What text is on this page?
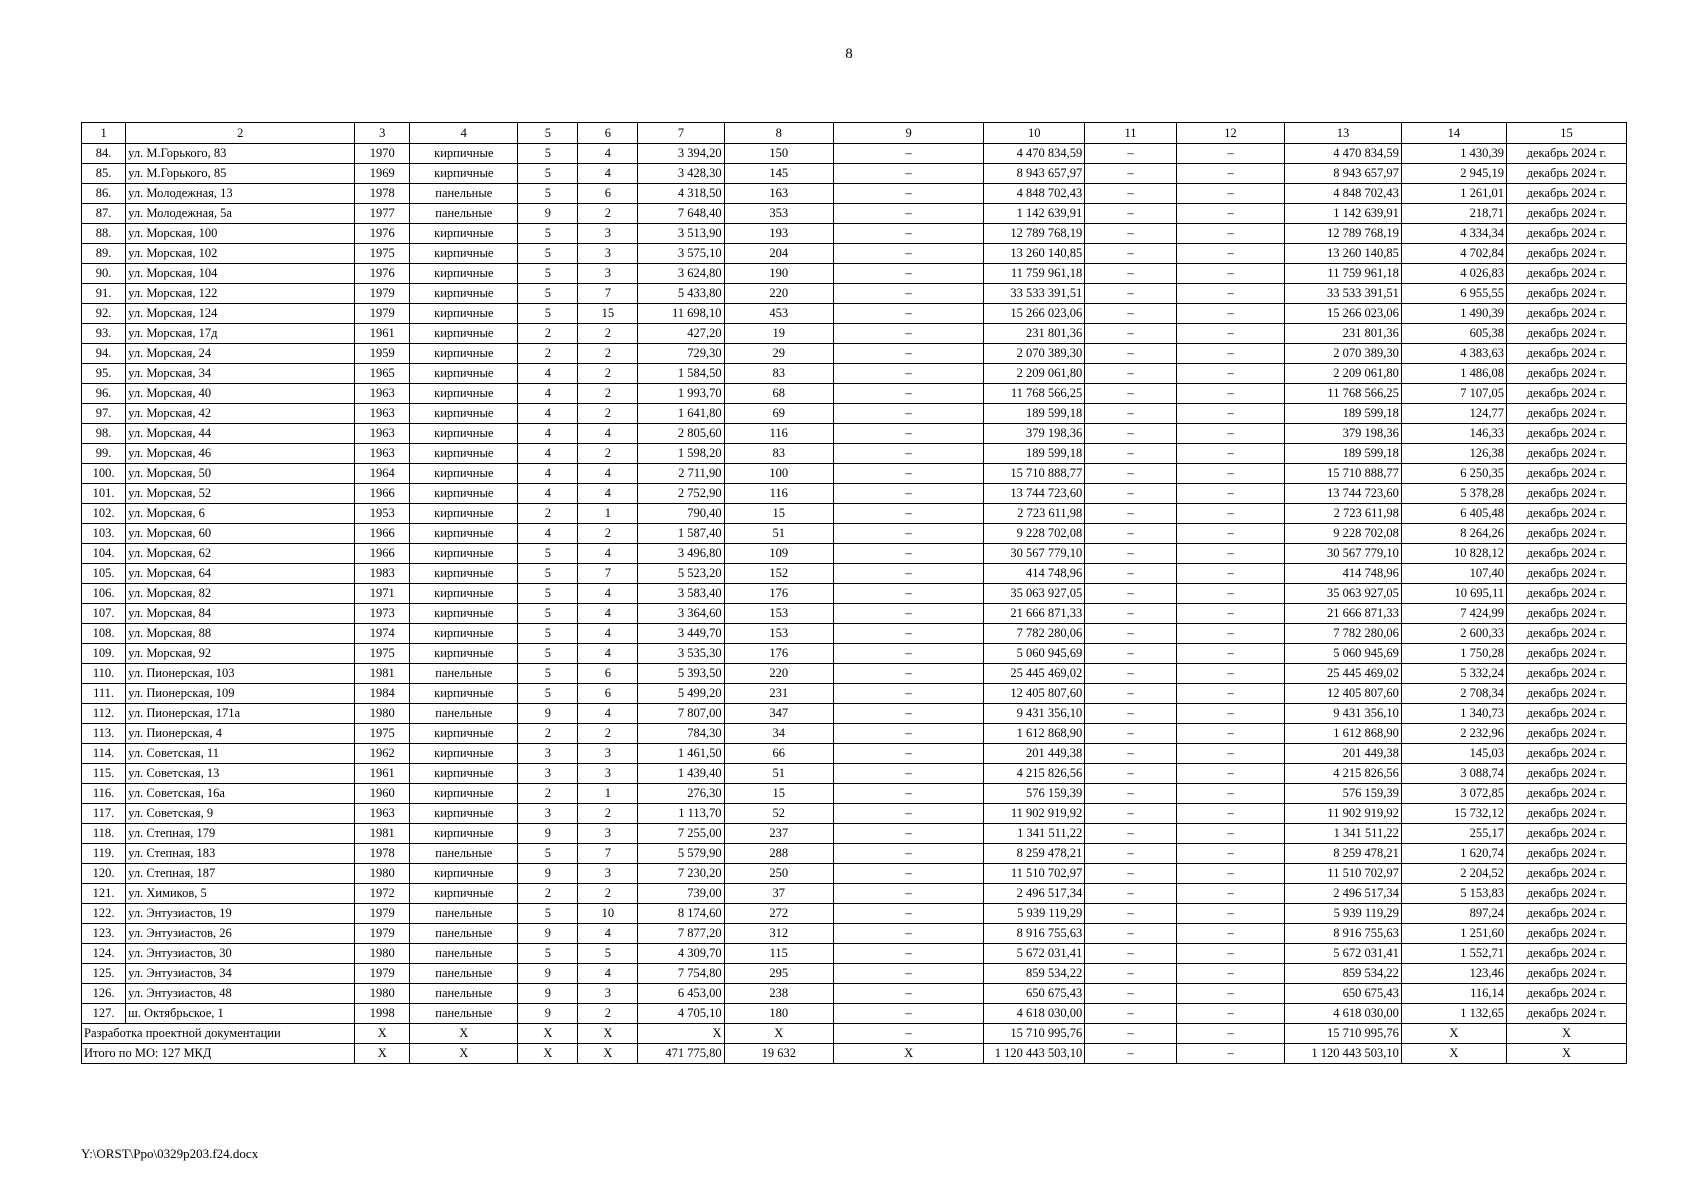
8
1	2	3	4	5	6	7	8	9	10	11	12	13	14	15
84.	ул. М.Горького, 83	1970	кирпичные	5	4	3 394,20	150	–	4 470 834,59	–	–	4 470 834,59	1 430,39	декабрь 2024 г.
85.	ул. М.Горького, 85	1969	кирпичные	5	4	3 428,30	145	–	8 943 657,97	–	–	8 943 657,97	2 945,19	декабрь 2024 г.
86.	ул. Молодежная, 13	1978	панельные	5	6	4 318,50	163	–	4 848 702,43	–	–	4 848 702,43	1 261,01	декабрь 2024 г.
87.	ул. Молодежная, 5а	1977	панельные	9	2	7 648,40	353	–	1 142 639,91	–	–	1 142 639,91	218,71	декабрь 2024 г.
88.	ул. Морская, 100	1976	кирпичные	5	3	3 513,90	193	–	12 789 768,19	–	–	12 789 768,19	4 334,34	декабрь 2024 г.
89.	ул. Морская, 102	1975	кирпичные	5	3	3 575,10	204	–	13 260 140,85	–	–	13 260 140,85	4 702,84	декабрь 2024 г.
90.	ул. Морская, 104	1976	кирпичные	5	3	3 624,80	190	–	11 759 961,18	–	–	11 759 961,18	4 026,83	декабрь 2024 г.
91.	ул. Морская, 122	1979	кирпичные	5	7	5 433,80	220	–	33 533 391,51	–	–	33 533 391,51	6 955,55	декабрь 2024 г.
92.	ул. Морская, 124	1979	кирпичные	5	15	11 698,10	453	–	15 266 023,06	–	–	15 266 023,06	1 490,39	декабрь 2024 г.
93.	ул. Морская, 17д	1961	кирпичные	2	2	427,20	19	–	231 801,36	–	–	231 801,36	605,38	декабрь 2024 г.
94.	ул. Морская, 24	1959	кирпичные	2	2	729,30	29	–	2 070 389,30	–	–	2 070 389,30	4 383,63	декабрь 2024 г.
95.	ул. Морская, 34	1965	кирпичные	4	2	1 584,50	83	–	2 209 061,80	–	–	2 209 061,80	1 486,08	декабрь 2024 г.
96.	ул. Морская, 40	1963	кирпичные	4	2	1 993,70	68	–	11 768 566,25	–	–	11 768 566,25	7 107,05	декабрь 2024 г.
97.	ул. Морская, 42	1963	кирпичные	4	2	1 641,80	69	–	189 599,18	–	–	189 599,18	124,77	декабрь 2024 г.
98.	ул. Морская, 44	1963	кирпичные	4	4	2 805,60	116	–	379 198,36	–	–	379 198,36	146,33	декабрь 2024 г.
99.	ул. Морская, 46	1963	кирпичные	4	2	1 598,20	83	–	189 599,18	–	–	189 599,18	126,38	декабрь 2024 г.
100.	ул. Морская, 50	1964	кирпичные	4	4	2 711,90	100	–	15 710 888,77	–	–	15 710 888,77	6 250,35	декабрь 2024 г.
101.	ул. Морская, 52	1966	кирпичные	4	4	2 752,90	116	–	13 744 723,60	–	–	13 744 723,60	5 378,28	декабрь 2024 г.
102.	ул. Морская, 6	1953	кирпичные	2	1	790,40	15	–	2 723 611,98	–	–	2 723 611,98	6 405,48	декабрь 2024 г.
103.	ул. Морская, 60	1966	кирпичные	4	2	1 587,40	51	–	9 228 702,08	–	–	9 228 702,08	8 264,26	декабрь 2024 г.
104.	ул. Морская, 62	1966	кирпичные	5	4	3 496,80	109	–	30 567 779,10	–	–	30 567 779,10	10 828,12	декабрь 2024 г.
105.	ул. Морская, 64	1983	кирпичные	5	7	5 523,20	152	–	414 748,96	–	–	414 748,96	107,40	декабрь 2024 г.
106.	ул. Морская, 82	1971	кирпичные	5	4	3 583,40	176	–	35 063 927,05	–	–	35 063 927,05	10 695,11	декабрь 2024 г.
107.	ул. Морская, 84	1973	кирпичные	5	4	3 364,60	153	–	21 666 871,33	–	–	21 666 871,33	7 424,99	декабрь 2024 г.
108.	ул. Морская, 88	1974	кирпичные	5	4	3 449,70	153	–	7 782 280,06	–	–	7 782 280,06	2 600,33	декабрь 2024 г.
109.	ул. Морская, 92	1975	кирпичные	5	4	3 535,30	176	–	5 060 945,69	–	–	5 060 945,69	1 750,28	декабрь 2024 г.
110.	ул. Пионерская, 103	1981	панельные	5	6	5 393,50	220	–	25 445 469,02	–	–	25 445 469,02	5 332,24	декабрь 2024 г.
111.	ул. Пионерская, 109	1984	кирпичные	5	6	5 499,20	231	–	12 405 807,60	–	–	12 405 807,60	2 708,34	декабрь 2024 г.
112.	ул. Пионерская, 171а	1980	панельные	9	4	7 807,00	347	–	9 431 356,10	–	–	9 431 356,10	1 340,73	декабрь 2024 г.
113.	ул. Пионерская, 4	1975	кирпичные	2	2	784,30	34	–	1 612 868,90	–	–	1 612 868,90	2 232,96	декабрь 2024 г.
114.	ул. Советская, 11	1962	кирпичные	3	3	1 461,50	66	–	201 449,38	–	–	201 449,38	145,03	декабрь 2024 г.
115.	ул. Советская, 13	1961	кирпичные	3	3	1 439,40	51	–	4 215 826,56	–	–	4 215 826,56	3 088,74	декабрь 2024 г.
116.	ул. Советская, 16а	1960	кирпичные	2	1	276,30	15	–	576 159,39	–	–	576 159,39	3 072,85	декабрь 2024 г.
117.	ул. Советская, 9	1963	кирпичные	3	2	1 113,70	52	–	11 902 919,92	–	–	11 902 919,92	15 732,12	декабрь 2024 г.
118.	ул. Степная, 179	1981	кирпичные	9	3	7 255,00	237	–	1 341 511,22	–	–	1 341 511,22	255,17	декабрь 2024 г.
119.	ул. Степная, 183	1978	панельные	5	7	5 579,90	288	–	8 259 478,21	–	–	8 259 478,21	1 620,74	декабрь 2024 г.
120.	ул. Степная, 187	1980	кирпичные	9	3	7 230,20	250	–	11 510 702,97	–	–	11 510 702,97	2 204,52	декабрь 2024 г.
121.	ул. Химиков, 5	1972	кирпичные	2	2	739,00	37	–	2 496 517,34	–	–	2 496 517,34	5 153,83	декабрь 2024 г.
122.	ул. Энтузиастов, 19	1979	панельные	5	10	8 174,60	272	–	5 939 119,29	–	–	5 939 119,29	897,24	декабрь 2024 г.
123.	ул. Энтузиастов, 26	1979	панельные	9	4	7 877,20	312	–	8 916 755,63	–	–	8 916 755,63	1 251,60	декабрь 2024 г.
124.	ул. Энтузиастов, 30	1980	панельные	5	5	4 309,70	115	–	5 672 031,41	–	–	5 672 031,41	1 552,71	декабрь 2024 г.
125.	ул. Энтузиастов, 34	1979	панельные	9	4	7 754,80	295	–	859 534,22	–	–	859 534,22	123,46	декабрь 2024 г.
126.	ул. Энтузиастов, 48	1980	панельные	9	3	6 453,00	238	–	650 675,43	–	–	650 675,43	116,14	декабрь 2024 г.
127.	ш. Октябрьское, 1	1998	панельные	9	2	4 705,10	180	–	4 618 030,00	–	–	4 618 030,00	1 132,65	декабрь 2024 г.
Разработка проектной документации		X	X	X	X	X	X	–	15 710 995,76	–	–	15 710 995,76	X	X
Итого по МО: 127 МКД		X	X	X	X	471 775,80	19 632	X	1 120 443 503,10	–	–	1 120 443 503,10	X	X
Y:\ORST\Ppo\0329p203.f24.docx
